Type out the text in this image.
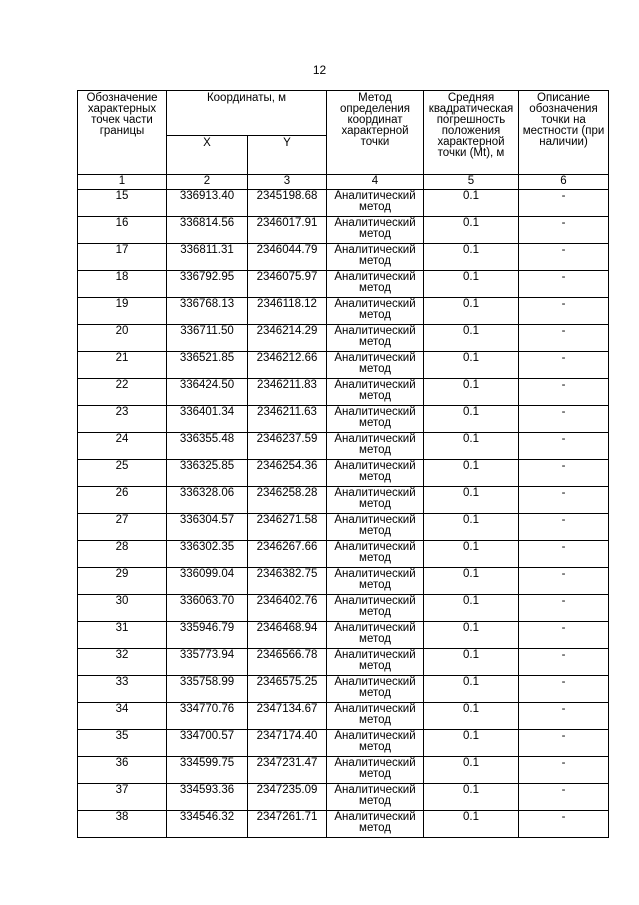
12
Обозначение характерных точек части границы	Координаты, м		Метод определения координат характерной точки	Средняя квадратическая погрешность положения характерной точки (Mt), м	Описание обозначения точки на местности (при наличии)
	X	Y			
1	2	3	4	5	6
15	336913.40	2345198.68	Аналитический метод	0.1	-
16	336814.56	2346017.91	Аналитический метод	0.1	-
17	336811.31	2346044.79	Аналитический метод	0.1	-
18	336792.95	2346075.97	Аналитический метод	0.1	-
19	336768.13	2346118.12	Аналитический метод	0.1	-
20	336711.50	2346214.29	Аналитический метод	0.1	-
21	336521.85	2346212.66	Аналитический метод	0.1	-
22	336424.50	2346211.83	Аналитический метод	0.1	-
23	336401.34	2346211.63	Аналитический метод	0.1	-
24	336355.48	2346237.59	Аналитический метод	0.1	-
25	336325.85	2346254.36	Аналитический метод	0.1	-
26	336328.06	2346258.28	Аналитический метод	0.1	-
27	336304.57	2346271.58	Аналитический метод	0.1	-
28	336302.35	2346267.66	Аналитический метод	0.1	-
29	336099.04	2346382.75	Аналитический метод	0.1	-
30	336063.70	2346402.76	Аналитический метод	0.1	-
31	335946.79	2346468.94	Аналитический метод	0.1	-
32	335773.94	2346566.78	Аналитический метод	0.1	-
33	335758.99	2346575.25	Аналитический метод	0.1	-
34	334770.76	2347134.67	Аналитический метод	0.1	-
35	334700.57	2347174.40	Аналитический метод	0.1	-
36	334599.75	2347231.47	Аналитический метод	0.1	-
37	334593.36	2347235.09	Аналитический метод	0.1	-
38	334546.32	2347261.71	Аналитический метод	0.1	-
